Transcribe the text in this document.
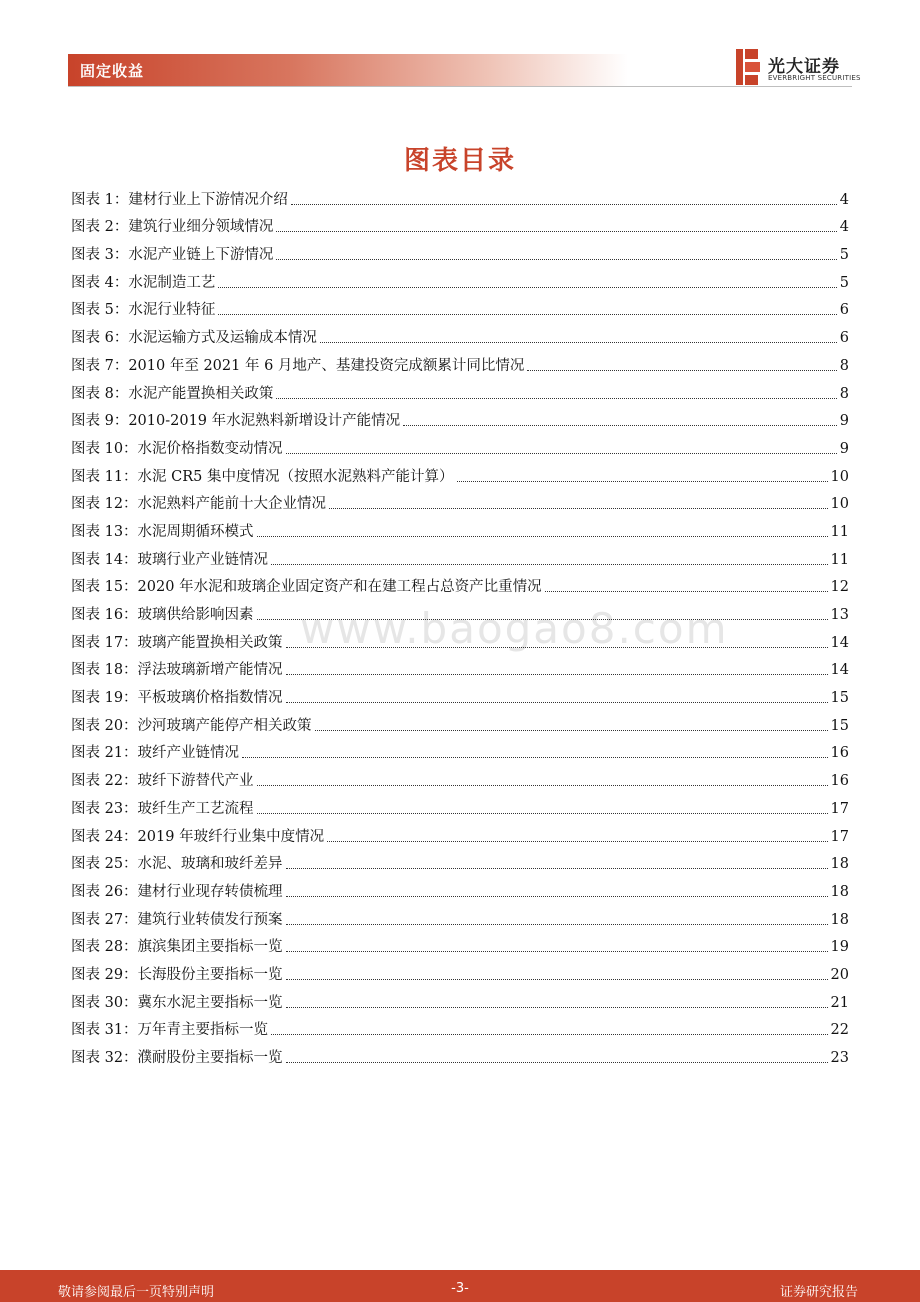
固定收益	光大证券
EVERBRIGHT SECURITIES
图表目录
www.baogao8.com
图表 1：建材行业上下游情况介绍	4
图表 2：建筑行业细分领域情况	4
图表 3：水泥产业链上下游情况	5
图表 4：水泥制造工艺	5
图表 5：水泥行业特征	6
图表 6：水泥运输方式及运输成本情况	6
图表 7：2010 年至 2021 年 6 月地产、基建投资完成额累计同比情况	8
图表 8：水泥产能置换相关政策	8
图表 9：2010-2019 年水泥熟料新增设计产能情况	9
图表 10：水泥价格指数变动情况	9
图表 11：水泥 CR5 集中度情况（按照水泥熟料产能计算）	10
图表 12：水泥熟料产能前十大企业情况	10
图表 13：水泥周期循环模式	11
图表 14：玻璃行业产业链情况	11
图表 15：2020 年水泥和玻璃企业固定资产和在建工程占总资产比重情况	12
图表 16：玻璃供给影响因素	13
图表 17：玻璃产能置换相关政策	14
图表 18：浮法玻璃新增产能情况	14
图表 19：平板玻璃价格指数情况	15
图表 20：沙河玻璃产能停产相关政策	15
图表 21：玻纤产业链情况	16
图表 22：玻纤下游替代产业	16
图表 23：玻纤生产工艺流程	17
图表 24：2019 年玻纤行业集中度情况	17
图表 25：水泥、玻璃和玻纤差异	18
图表 26：建材行业现存转债梳理	18
图表 27：建筑行业转债发行预案	18
图表 28：旗滨集团主要指标一览	19
图表 29：长海股份主要指标一览	20
图表 30：冀东水泥主要指标一览	21
图表 31：万年青主要指标一览	22
图表 32：濮耐股份主要指标一览	23
敬请参阅最后一页特别声明	-3-	证券研究报告
